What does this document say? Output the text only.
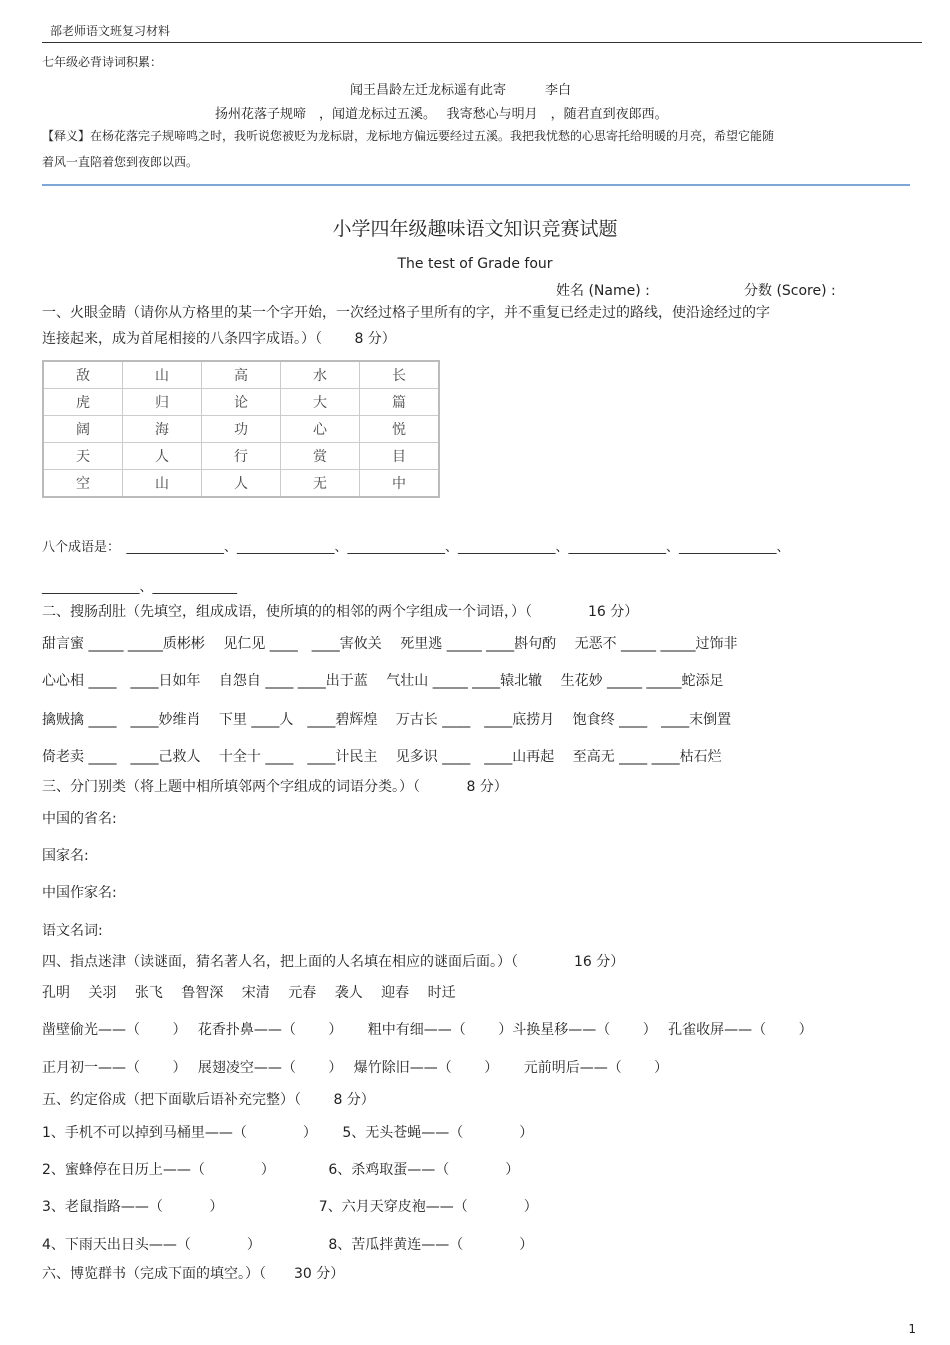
部老师语文班复习材料
七年级必背诗词积累：
闻王昌龄左迁龙标遥有此寄　　　李白
扬州花落子规啼　，闻道龙标过五溪。　 我寄愁心与明月　，随君直到夜郎西。
【释义】在杨花落完子规啼鸣之时，我听说您被贬为龙标尉，龙标地方偏远要经过五溪。我把我忧愁的心思寄托给明暖的月亮，希望它能随
着风一直陪着您到夜郎以西。
小学四年级趣味语文知识竞赛试题
The test of Grade four
姓名 (Name) :	分数 (Score) :
一、火眼金睛（请你从方格里的某一个字开始，一次经过格子里所有的字，并不重复已经走过的路线，使沿途经过的字
连接起来，成为首尾相接的八条四字成语。）（　　 8 分）
敌	山	高	水	长
虎	归	论	大	篇
阔	海	功	心	悦
天	人	行	赏	目
空	山	人	无	中
八个成语是：　_______________、_______________、_______________、_______________、_______________、_______________、
_______________、_____________
二、搜肠刮肚（先填空，组成成语，使所填的的相邻的两个字组成一个词语，）（　　　　16 分）
甜言蜜 _____ _____质彬彬　 见仁见 ____　____害攸关　 死里逃 _____ ____斟句酌　 无恶不 _____ _____过饰非
心心相 ____　____日如年　 自怨自 ____ ____出于蓝　 气壮山 _____ ____辕北辙　 生花妙 _____ _____蛇添足
擒贼擒 ____　____妙维肖　 下里 ____人　____碧辉煌　 万古长 ____　____底捞月　 饱食终 ____　____末倒置
倚老卖 ____　____己救人　 十全十 ____　____计民主　 见多识 ____　____山再起　 至高无 ____ ____枯石烂
三、分门别类（将上题中相所填邻两个字组成的词语分类。）（　　　 8 分）
中国的省名:
国家名:
中国作家名:
语文名词:
四、指点迷津（读谜面，猜名著人名，把上面的人名填在相应的谜面后面。）（　　　　16 分）
孔明　 关羽　 张飞　 鲁智深　 宋清　 元春　 袭人　 迎春　 时迁
凿壁偷光——（　　 ）　 花香扑鼻——（　　 ）　　 粗中有细——（　　 ）斗换星移——（　　 ）　 孔雀收屏——（　　 ）
正月初一——（　　 ）　 展翅凌空——（　　 ）　 爆竹除旧——（　　 ）　　 元前明后——（　　 ）
五、约定俗成（把下面歇后语补充完整）（　　 8 分）
1、手机不可以掉到马桶里——（　　　　）　　 5、无头苍蝇——（　　　　）
2、蜜蜂停在日历上——（　　　　）　　　　 6、杀鸡取蛋——（　　　　）
3、老鼠指路——（　　　 ）　　　　　　　 7、六月天穿皮袍——（　　　　）
4、下雨天出日头——（　　　　）　　　　　 8、苦瓜拌黄连——（　　　　）
六、博览群书（完成下面的填空。）（　　30 分）
1
